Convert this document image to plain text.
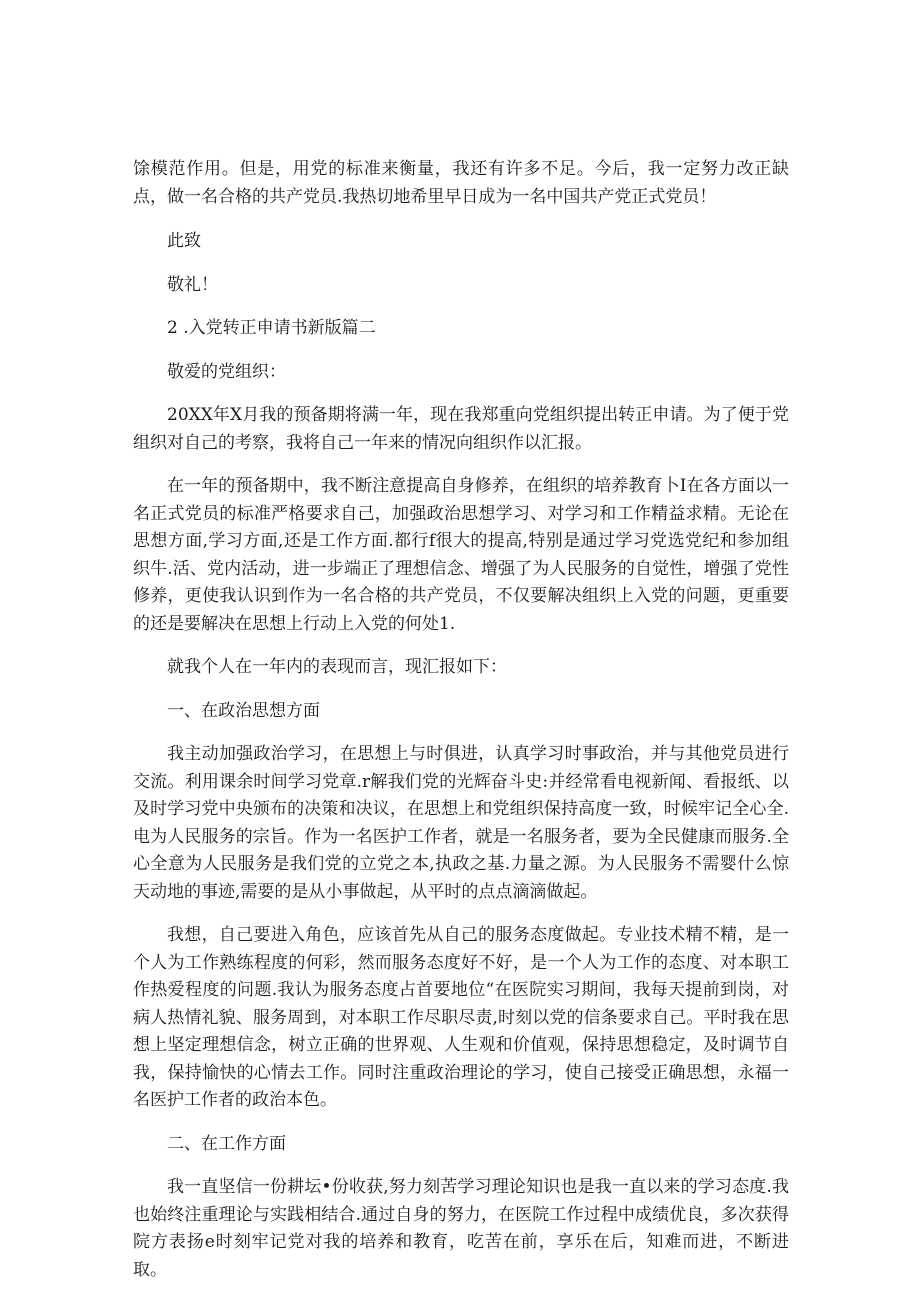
馀模范作用。但是，用党的标准来衡量，我还有许多不足。今后，我一定努力改正缺点，做一名合格的共产党员.我热切地希里早日成为一名中国共产党正式党员！

此致

敬礼！

2 .入党转正申请书新版篇二

敬爱的党组织：

20XX年X月我的预备期将满一年，现在我郑重向党组织提出转正申请。为了便于党组织对自己的考察，我将自己一年来的情况向组织作以汇报。

在一年的预备期中，我不断注意提高自身修养，在组织的培养教育卜I在各方面以一名正式党员的标准严格要求自己，加强政治思想学习、对学习和工作精益求精。无论在思想方面,学习方面,还是工作方面.都行f很大的提高,特别是通过学习党选党纪和参加组织牛.活、党内活动，进一步端正了理想信念、增强了为人民服务的自觉性，增强了党性修养，更使我认识到作为一名合格的共产党员，不仅要解决组织上入党的问题，更重要的还是要解决在思想上行动上入党的何处1.

就我个人在一年内的表现而言，现汇报如下：

一、在政治思想方面

我主动加强政治学习，在思想上与时俱进，认真学习时事政治，并与其他党员进行交流。利用课余时间学习党章.r解我们党的光辉奋斗史:并经常看电视新闻、看报纸、以及时学习党中央颁布的决策和决议，在思想上和党组织保持高度一致，时候牢记全心全.电为人民服务的宗旨。作为一名医护工作者，就是一名服务者，要为全民健康而服务.全心全意为人民服务是我们党的立党之本,执政之基.力量之源。为人民服务不需婴什么惊天动地的事迹,需要的是从小事做起，从平时的点点滴滴做起。

我想，自己要进入角色，应该首先从自己的服务态度做起。专业技术精不精，是一个人为工作熟练程度的何彩，然而服务态度好不好，是一个人为工作的态度、对本职工作热爱程度的问题.我认为服务态度占首要地位“在医院实习期间，我每天提前到岗，对病人热情礼貌、服务周到，对本职工作尽职尽责,时刻以党的信条要求自己。平时我在思想上坚定理想信念，树立正确的世界观、人生观和价值观，保持思想稳定，及时调节自我，保持愉快的心情去工作。同时注重政治理论的学习，使自己接受正确思想，永福一名医护工作者的政治本色。

二、在工作方面

我一直坚信一份耕坛•份收获,努力刻苦学习理论知识也是我一直以来的学习态度.我也始终注重理论与实践相结合.通过自身的努力，在医院工作过程中成绩优良，多次获得院方表扬e时刻牢记党对我的培养和教育，吃苦在前，享乐在后，知难而进，不断进取。
